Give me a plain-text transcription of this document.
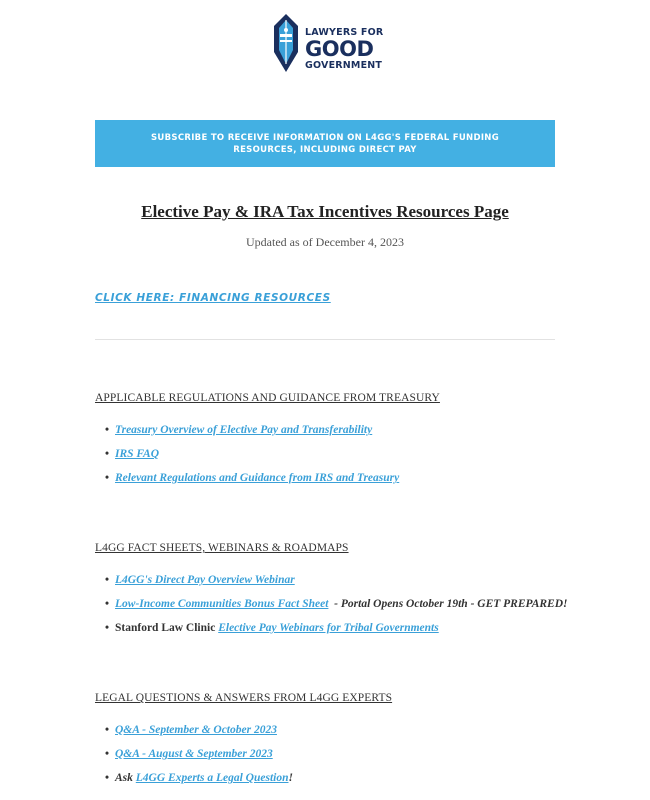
LAWYERS FOR
GOOD
GOVERNMENT
SUBSCRIBE TO RECEIVE INFORMATION ON L4GG'S FEDERAL FUNDING RESOURCES, INCLUDING DIRECT PAY
Elective Pay & IRA Tax Incentives Resources Page
Updated as of December 4, 2023
CLICK HERE: FINANCING RESOURCES
APPLICABLE REGULATIONS AND GUIDANCE FROM TREASURY
• Treasury Overview of Elective Pay and Transferability
• IRS FAQ
• Relevant Regulations and Guidance from IRS and Treasury
L4GG FACT SHEETS, WEBINARS & ROADMAPS
• L4GG's Direct Pay Overview Webinar
• Low-Income Communities Bonus Fact Sheet  - Portal Opens October 19th - GET PREPARED!
• Stanford Law Clinic Elective Pay Webinars for Tribal Governments
LEGAL QUESTIONS & ANSWERS FROM L4GG EXPERTS
• Q&A - September & October 2023
• Q&A - August & September 2023
• Ask L4GG Experts a Legal Question!
